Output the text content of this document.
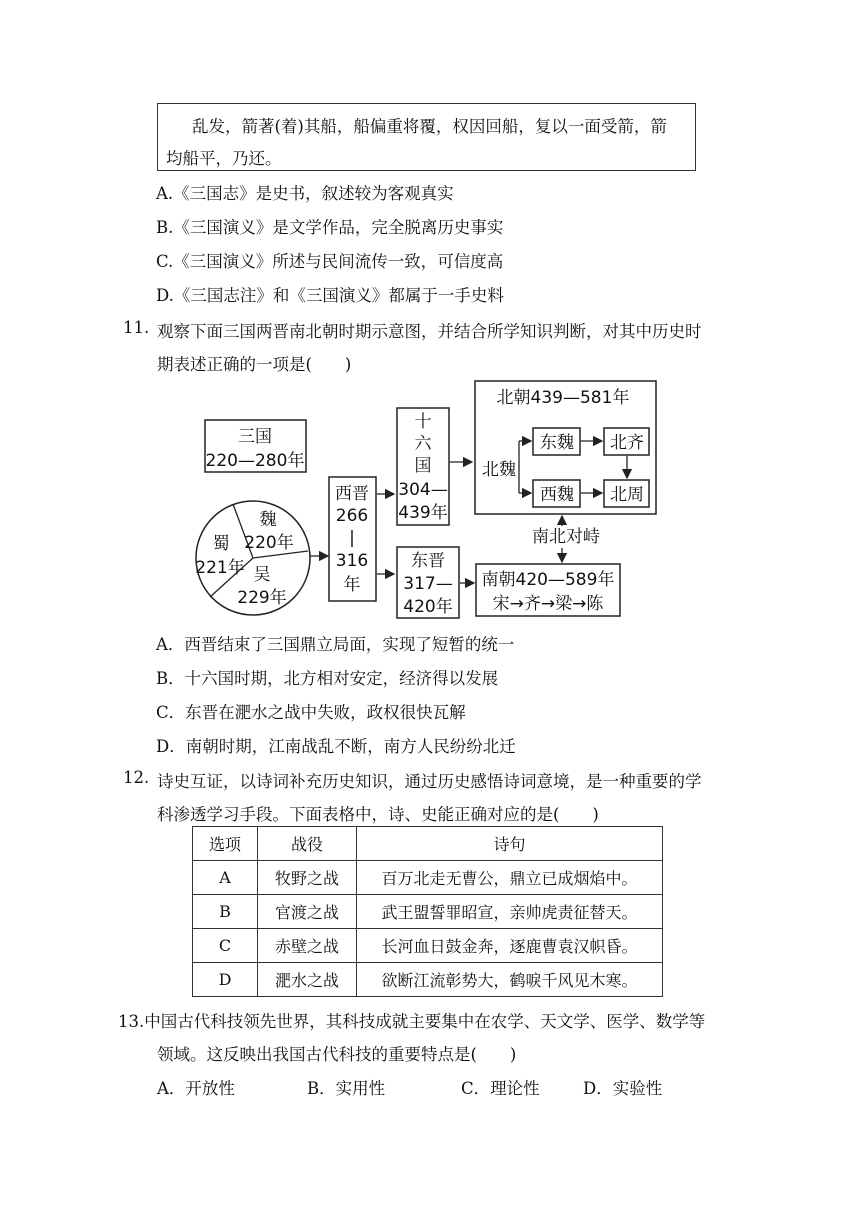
乱发，箭著(着)其船，船偏重将覆，权因回船，复以一面受箭，箭
均船平，乃还。
A.《三国志》是史书，叙述较为客观真实
B.《三国演义》是文学作品，完全脱离历史事实
C.《三国演义》所述与民间流传一致，可信度高
D.《三国志注》和《三国演义》都属于一手史料
11. 观察下面三国两晋南北朝时期示意图，并结合所学知识判断，对其中历史时
期表述正确的一项是(　　)
三国
220—280年
魏
220年
蜀
221年 吴
229年
西晋
266
|
316
年
十
六
国
304—
439年
东晋
317—
420年
北朝439—581年
北魏
东魏 北齐
西魏 北周
南北对峙
南朝420—589年
宋→齐→梁→陈
A．西晋结束了三国鼎立局面，实现了短暂的统一
B．十六国时期，北方相对安定，经济得以发展
C．东晋在淝水之战中失败，政权很快瓦解
D．南朝时期，江南战乱不断，南方人民纷纷北迁
12. 诗史互证，以诗词补充历史知识，通过历史感悟诗词意境，是一种重要的学
科渗透学习手段。下面表格中，诗、史能正确对应的是(　　)
选项	战役	诗句
A	牧野之战	百万北走无曹公，鼎立已成烟焰中。
B	官渡之战	武王盟誓罪昭宣，亲帅虎责征替天。
C	赤壁之战	长河血日鼓金奔，逐鹿曹袁汉帜昏。
D	淝水之战	欲断江流彰势大，鹤唳千风见木寒。
13.中国古代科技领先世界，其科技成就主要集中在农学、天文学、医学、数学等
领域。这反映出我国古代科技的重要特点是(　　)
A．开放性	B．实用性	C．理论性	D．实验性
